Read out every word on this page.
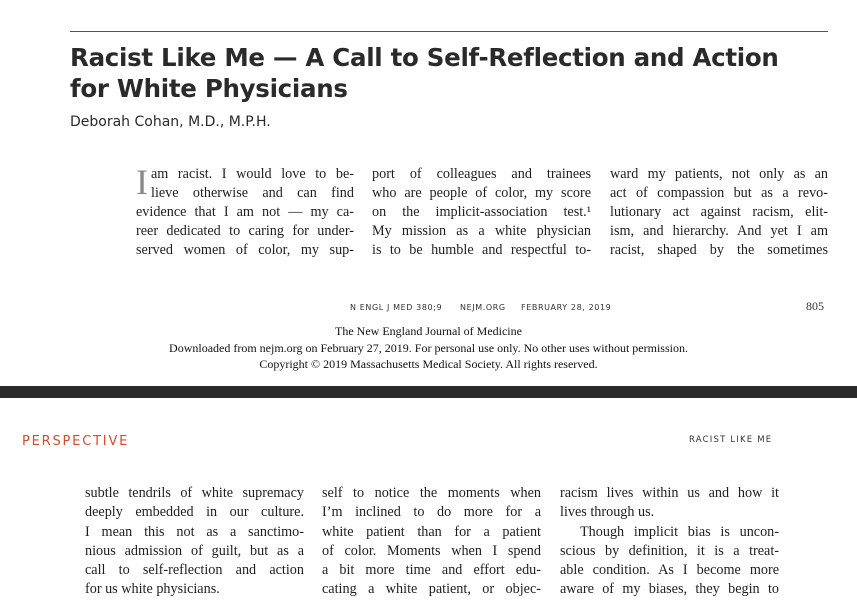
Racist Like Me — A Call to Self-Reflection and Action
for White Physicians
Deborah Cohan, M.D., M.P.H.
I am racist. I would love to be-
lieve otherwise and can find
evidence that I am not — my ca-
reer dedicated to caring for under-
served women of color, my sup-
port of colleagues and trainees
who are people of color, my score
on the implicit-association test.¹
My mission as a white physician
is to be humble and respectful to-
ward my patients, not only as an
act of compassion but as a revo-
lutionary act against racism, elit-
ism, and hierarchy. And yet I am
racist, shaped by the sometimes
N ENGL J MED 380;9 NEJM.ORG FEBRUARY 28, 2019	805
The New England Journal of Medicine
Downloaded from nejm.org on February 27, 2019. For personal use only. No other uses without permission.
Copyright © 2019 Massachusetts Medical Society. All rights reserved.
PERSPECTIVE	RACIST LIKE ME
subtle tendrils of white supremacy
deeply embedded in our culture.
I mean this not as a sanctimo-
nious admission of guilt, but as a
call to self-reflection and action
for us white physicians.
self to notice the moments when
I’m inclined to do more for a
white patient than for a patient
of color. Moments when I spend
a bit more time and effort edu-
cating a white patient, or objec-
racism lives within us and how it
lives through us.
Though implicit bias is uncon-
scious by definition, it is a treat-
able condition. As I become more
aware of my biases, they begin to
